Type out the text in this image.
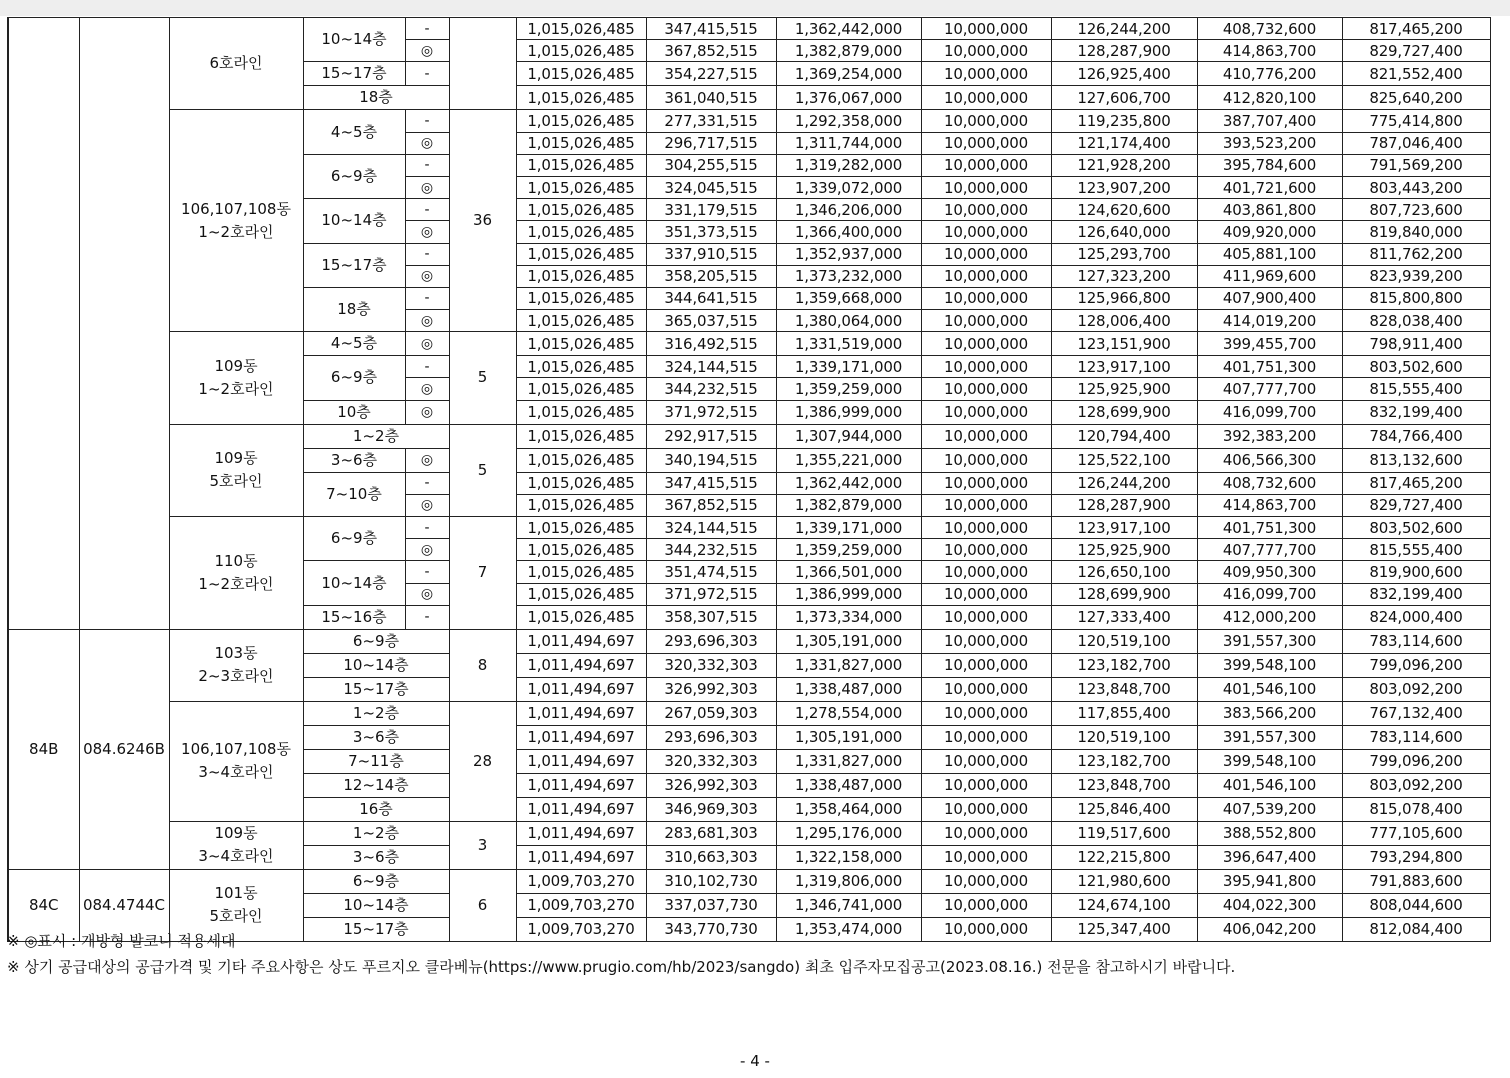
		6호라인	10~14층	-		1,015,026,485	347,415,515	1,362,442,000	10,000,000	126,244,200	408,732,600	817,465,200
				◎		1,015,026,485	367,852,515	1,382,879,000	10,000,000	128,287,900	414,863,700	829,727,400
			15~17층	-		1,015,026,485	354,227,515	1,369,254,000	10,000,000	126,925,400	410,776,200	821,552,400
			18층			1,015,026,485	361,040,515	1,376,067,000	10,000,000	127,606,700	412,820,100	825,640,200
		106,107,108동
1~2호라인	4~5층	-	36	1,015,026,485	277,331,515	1,292,358,000	10,000,000	119,235,800	387,707,400	775,414,800
				◎		1,015,026,485	296,717,515	1,311,744,000	10,000,000	121,174,400	393,523,200	787,046,400
			6~9층	-		1,015,026,485	304,255,515	1,319,282,000	10,000,000	121,928,200	395,784,600	791,569,200
				◎		1,015,026,485	324,045,515	1,339,072,000	10,000,000	123,907,200	401,721,600	803,443,200
			10~14층	-		1,015,026,485	331,179,515	1,346,206,000	10,000,000	124,620,600	403,861,800	807,723,600
				◎		1,015,026,485	351,373,515	1,366,400,000	10,000,000	126,640,000	409,920,000	819,840,000
			15~17층	-		1,015,026,485	337,910,515	1,352,937,000	10,000,000	125,293,700	405,881,100	811,762,200
				◎		1,015,026,485	358,205,515	1,373,232,000	10,000,000	127,323,200	411,969,600	823,939,200
			18층	-		1,015,026,485	344,641,515	1,359,668,000	10,000,000	125,966,800	407,900,400	815,800,800
				◎		1,015,026,485	365,037,515	1,380,064,000	10,000,000	128,006,400	414,019,200	828,038,400
		109동
1~2호라인	4~5층	◎	5	1,015,026,485	316,492,515	1,331,519,000	10,000,000	123,151,900	399,455,700	798,911,400
			6~9층	-		1,015,026,485	324,144,515	1,339,171,000	10,000,000	123,917,100	401,751,300	803,502,600
				◎		1,015,026,485	344,232,515	1,359,259,000	10,000,000	125,925,900	407,777,700	815,555,400
			10층	◎		1,015,026,485	371,972,515	1,386,999,000	10,000,000	128,699,900	416,099,700	832,199,400
		109동
5호라인	1~2층		5	1,015,026,485	292,917,515	1,307,944,000	10,000,000	120,794,400	392,383,200	784,766,400
			3~6층	◎		1,015,026,485	340,194,515	1,355,221,000	10,000,000	125,522,100	406,566,300	813,132,600
			7~10층	-		1,015,026,485	347,415,515	1,362,442,000	10,000,000	126,244,200	408,732,600	817,465,200
				◎		1,015,026,485	367,852,515	1,382,879,000	10,000,000	128,287,900	414,863,700	829,727,400
		110동
1~2호라인	6~9층	-	7	1,015,026,485	324,144,515	1,339,171,000	10,000,000	123,917,100	401,751,300	803,502,600
				◎		1,015,026,485	344,232,515	1,359,259,000	10,000,000	125,925,900	407,777,700	815,555,400
			10~14층	-		1,015,026,485	351,474,515	1,366,501,000	10,000,000	126,650,100	409,950,300	819,900,600
				◎		1,015,026,485	371,972,515	1,386,999,000	10,000,000	128,699,900	416,099,700	832,199,400
			15~16층	-		1,015,026,485	358,307,515	1,373,334,000	10,000,000	127,333,400	412,000,200	824,000,400
84B	084.6246B	103동
2~3호라인	6~9층		8	1,011,494,697	293,696,303	1,305,191,000	10,000,000	120,519,100	391,557,300	783,114,600
			10~14층			1,011,494,697	320,332,303	1,331,827,000	10,000,000	123,182,700	399,548,100	799,096,200
			15~17층			1,011,494,697	326,992,303	1,338,487,000	10,000,000	123,848,700	401,546,100	803,092,200
		106,107,108동
3~4호라인	1~2층		28	1,011,494,697	267,059,303	1,278,554,000	10,000,000	117,855,400	383,566,200	767,132,400
			3~6층			1,011,494,697	293,696,303	1,305,191,000	10,000,000	120,519,100	391,557,300	783,114,600
			7~11층			1,011,494,697	320,332,303	1,331,827,000	10,000,000	123,182,700	399,548,100	799,096,200
			12~14층			1,011,494,697	326,992,303	1,338,487,000	10,000,000	123,848,700	401,546,100	803,092,200
			16층			1,011,494,697	346,969,303	1,358,464,000	10,000,000	125,846,400	407,539,200	815,078,400
		109동
3~4호라인	1~2층		3	1,011,494,697	283,681,303	1,295,176,000	10,000,000	119,517,600	388,552,800	777,105,600
			3~6층			1,011,494,697	310,663,303	1,322,158,000	10,000,000	122,215,800	396,647,400	793,294,800
84C	084.4744C	101동
5호라인	6~9층		6	1,009,703,270	310,102,730	1,319,806,000	10,000,000	121,980,600	395,941,800	791,883,600
			10~14층			1,009,703,270	337,037,730	1,346,741,000	10,000,000	124,674,100	404,022,300	808,044,600
			15~17층			1,009,703,270	343,770,730	1,353,474,000	10,000,000	125,347,400	406,042,200	812,084,400
※ ◎표시 : 개방형 발코니 적용세대
※ 상기 공급대상의 공급가격 및 기타 주요사항은 상도 푸르지오 클라베뉴(https://www.prugio.com/hb/2023/sangdo) 최초 입주자모집공고(2023.08.16.) 전문을 참고하시기 바랍니다.
- 4 -
